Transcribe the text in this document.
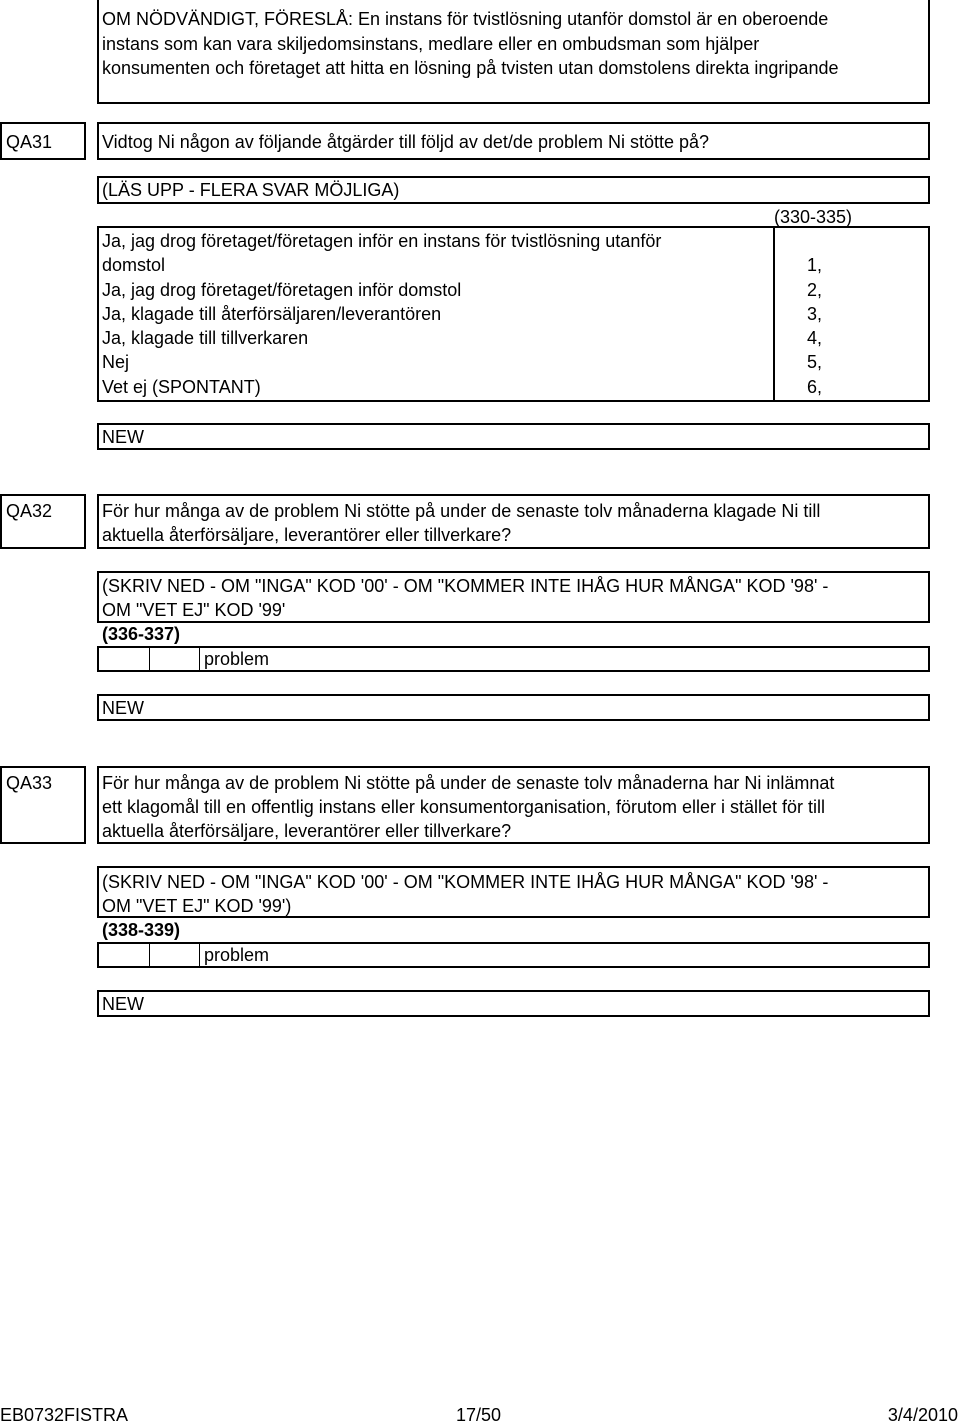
OM NÖDVÄNDIGT, FÖRESLÅ: En instans för tvistlösning utanför domstol är en oberoende
instans som kan vara skiljedomsinstans, medlare eller en ombudsman som hjälper
konsumenten och företaget att hitta en lösning på tvisten utan domstolens direkta ingripande
QA31	Vidtog Ni någon av följande åtgärder till följd av det/de problem Ni stötte på?
(LÄS UPP - FLERA SVAR MÖJLIGA)
(330-335)
Ja, jag drog företaget/företagen inför en instans för tvistlösning utanför
domstol	1,
Ja, jag drog företaget/företagen inför domstol	2,
Ja, klagade till återförsäljaren/leverantören	3,
Ja, klagade till tillverkaren	4,
Nej	5,
Vet ej (SPONTANT)	6,
NEW
QA32	För hur många av de problem Ni stötte på under de senaste tolv månaderna klagade Ni till
aktuella återförsäljare, leverantörer eller tillverkare?
(SKRIV NED - OM "INGA" KOD '00' - OM "KOMMER INTE IHÅG HUR MÅNGA" KOD '98' -
OM "VET EJ" KOD '99'
(336-337)
problem
NEW
QA33	För hur många av de problem Ni stötte på under de senaste tolv månaderna har Ni inlämnat
ett klagomål till en offentlig instans eller konsumentorganisation, förutom eller i stället för till
aktuella återförsäljare, leverantörer eller tillverkare?
(SKRIV NED - OM "INGA" KOD '00' - OM "KOMMER INTE IHÅG HUR MÅNGA" KOD '98' -
OM "VET EJ" KOD '99')
(338-339)
problem
NEW
EB0732FISTRA	17/50	3/4/2010
